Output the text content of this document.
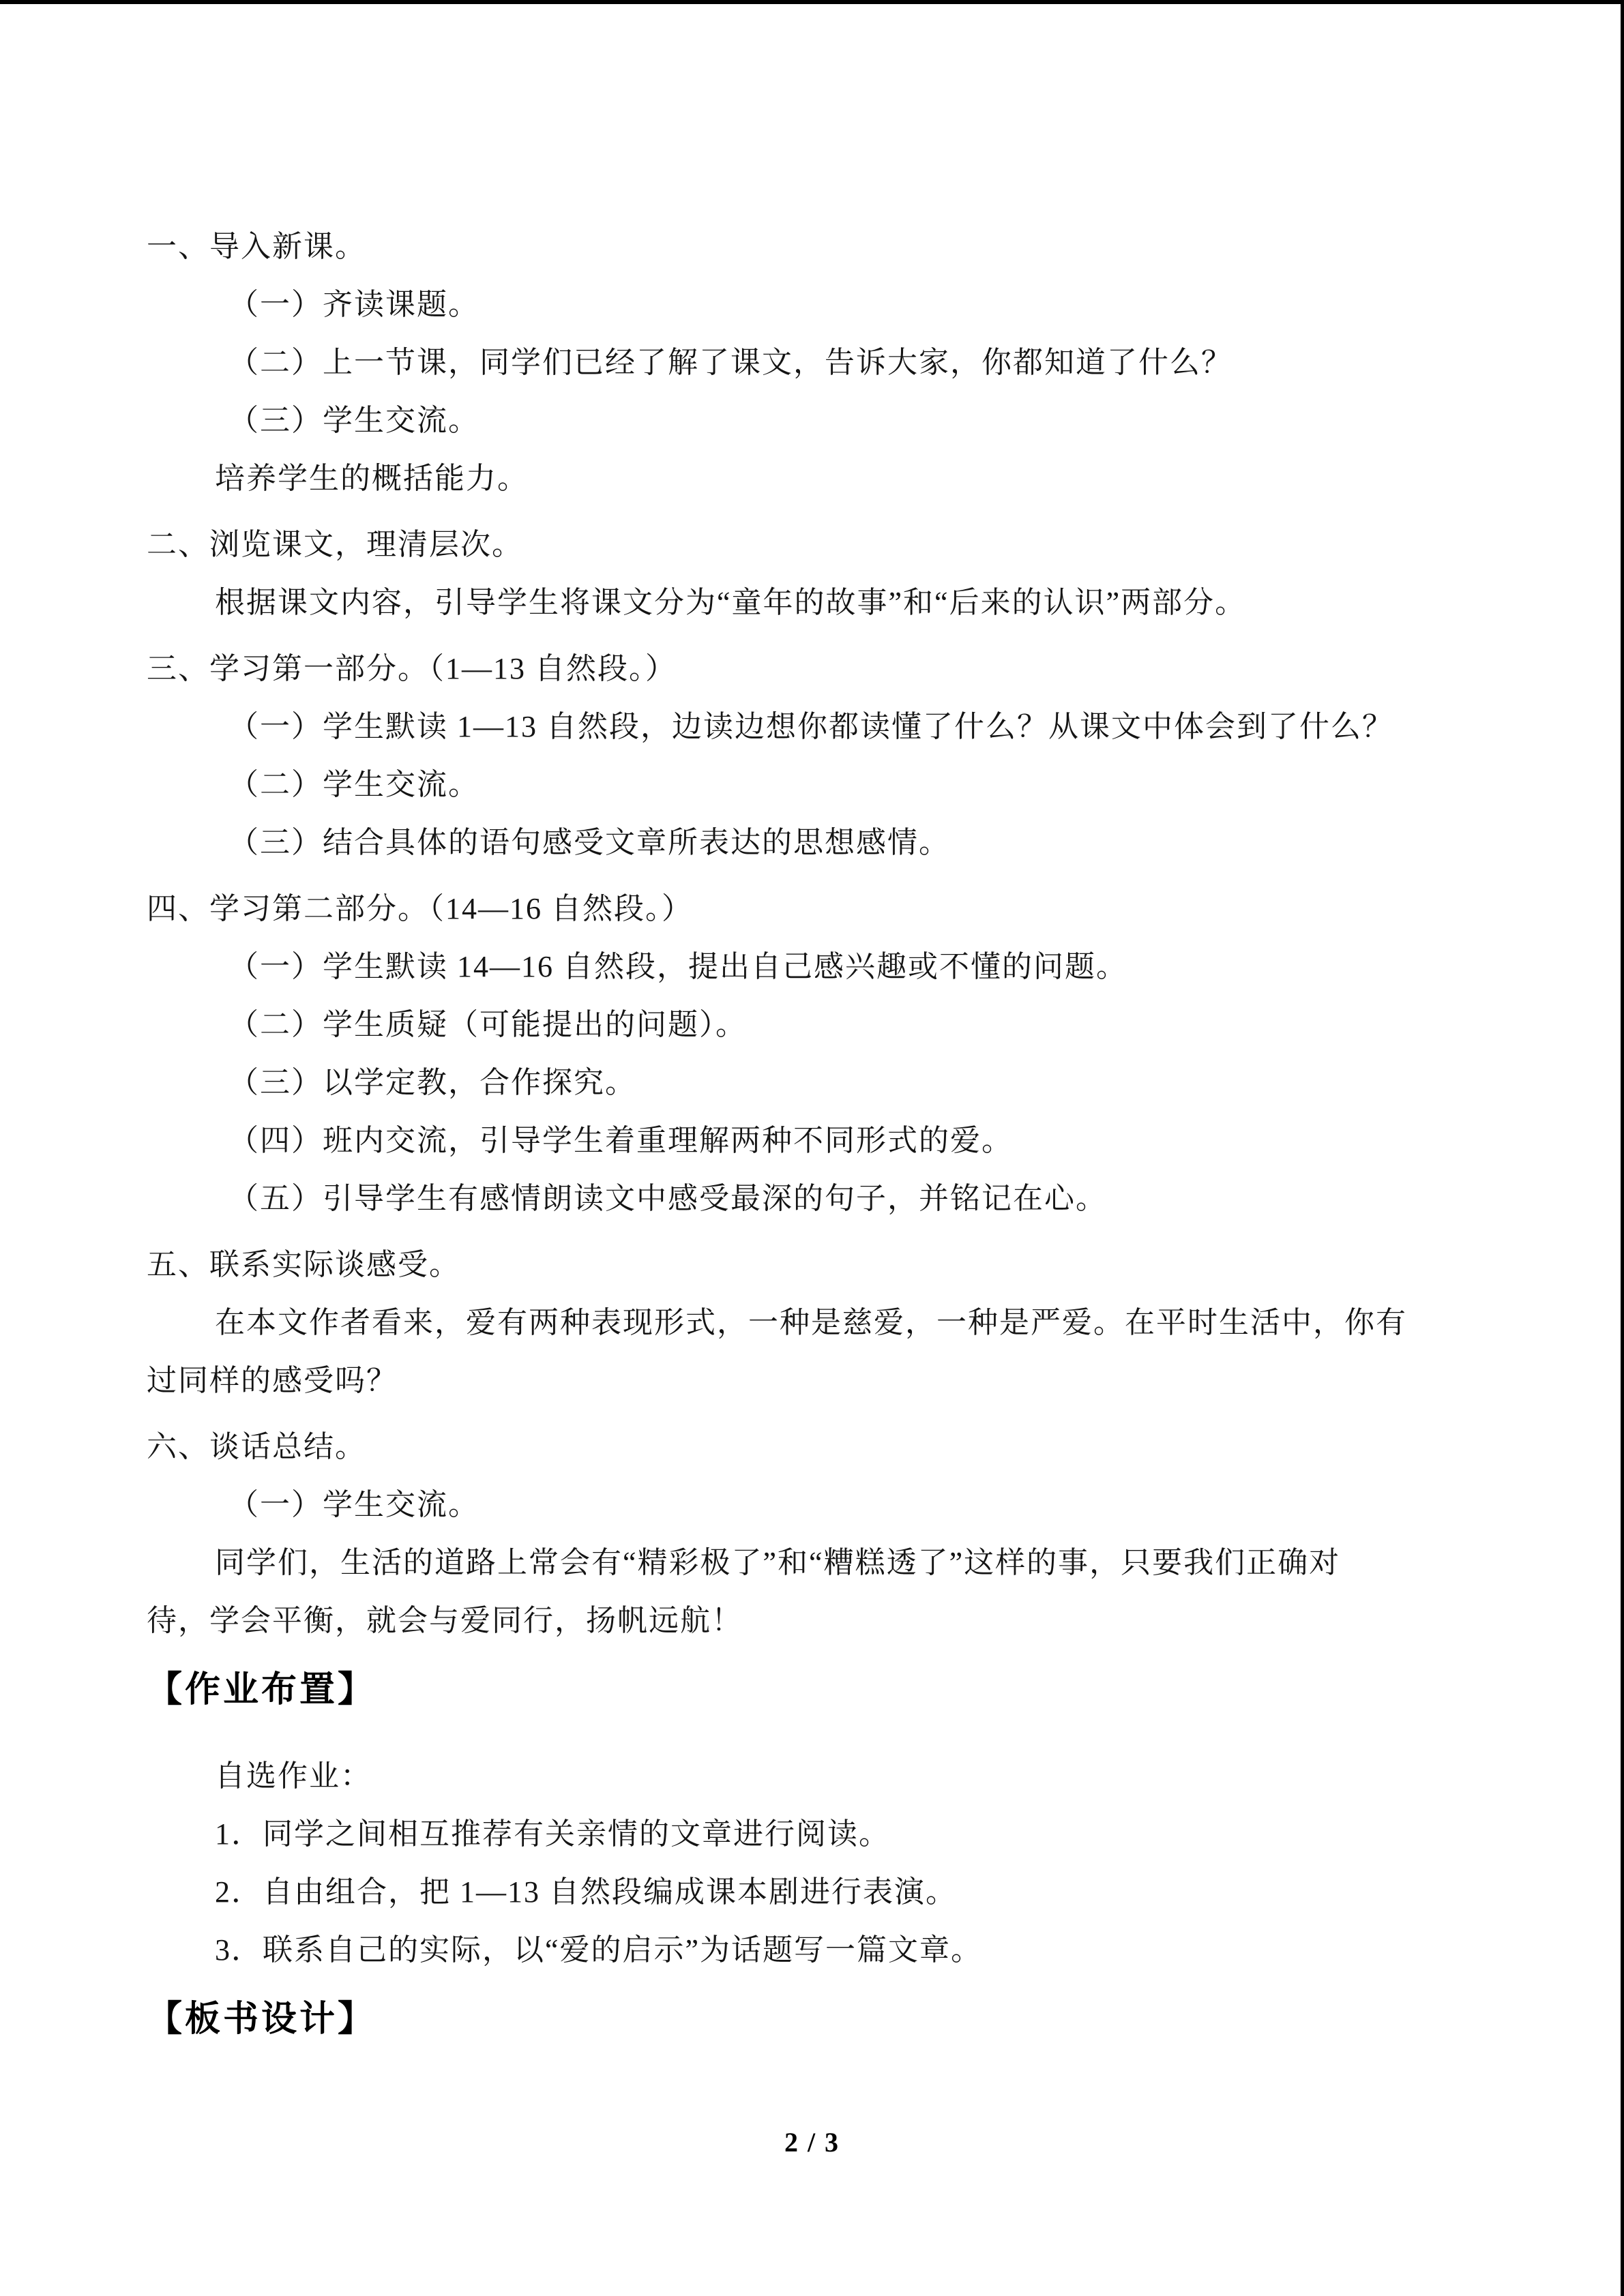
一、导入新课。
（一）齐读课题。
（二）上一节课，同学们已经了解了课文，告诉大家，你都知道了什么？
（三）学生交流。
培养学生的概括能力。
二、浏览课文，理清层次。
根据课文内容，引导学生将课文分为“童年的故事”和“后来的认识”两部分。
三、学习第一部分。（1—13 自然段。）
（一）学生默读 1—13 自然段，边读边想你都读懂了什么？从课文中体会到了什么？
（二）学生交流。
（三）结合具体的语句感受文章所表达的思想感情。
四、学习第二部分。（14—16 自然段。）
（一）学生默读 14—16 自然段，提出自己感兴趣或不懂的问题。
（二）学生质疑（可能提出的问题）。
（三）以学定教，合作探究。
（四）班内交流，引导学生着重理解两种不同形式的爱。
（五）引导学生有感情朗读文中感受最深的句子，并铭记在心。
五、联系实际谈感受。
在本文作者看来，爱有两种表现形式，一种是慈爱，一种是严爱。在平时生活中，你有
过同样的感受吗？
六、谈话总结。
（一）学生交流。
同学们，生活的道路上常会有“精彩极了”和“糟糕透了”这样的事，只要我们正确对
待，学会平衡，就会与爱同行，扬帆远航！
【作业布置】
自选作业：
1．同学之间相互推荐有关亲情的文章进行阅读。
2．自由组合，把 1—13 自然段编成课本剧进行表演。
3．联系自己的实际，以“爱的启示”为话题写一篇文章。
【板书设计】
2 / 3
